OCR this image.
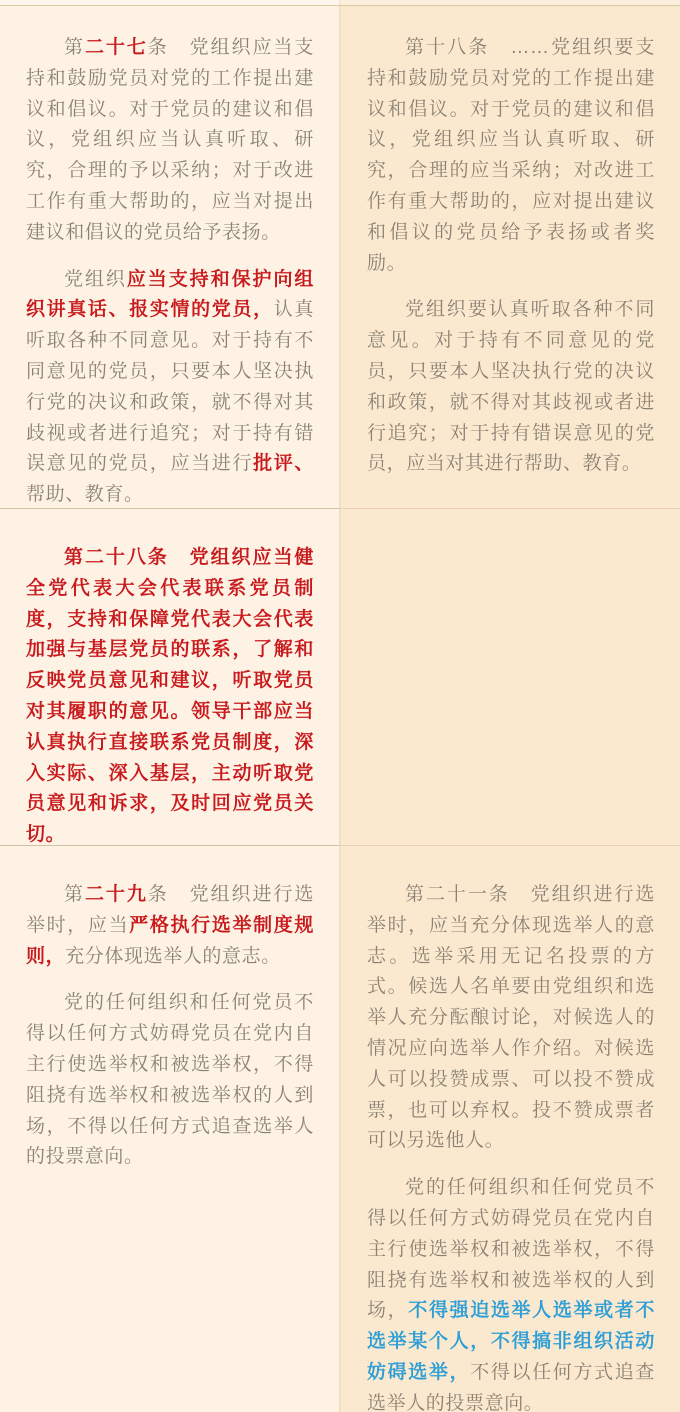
第二十七条　党组织应当支持和鼓励党员对党的工作提出建议和倡议。对于党员的建议和倡议，党组织应当认真听取、研究，合理的予以采纳；对于改进工作有重大帮助的，应当对提出建议和倡议的党员给予表扬。

党组织应当支持和保护向组织讲真话、报实情的党员，认真听取各种不同意见。对于持有不同意见的党员，只要本人坚决执行党的决议和政策，就不得对其歧视或者进行追究；对于持有错误意见的党员，应当进行批评、帮助、教育。

第十八条　……党组织要支持和鼓励党员对党的工作提出建议和倡议。对于党员的建议和倡议，党组织应当认真听取、研究，合理的应当采纳；对改进工作有重大帮助的，应对提出建议和倡议的党员给予表扬或者奖励。

党组织要认真听取各种不同意见。对于持有不同意见的党员，只要本人坚决执行党的决议和政策，就不得对其歧视或者进行追究；对于持有错误意见的党员，应当对其进行帮助、教育。

第二十八条　党组织应当健全党代表大会代表联系党员制度，支持和保障党代表大会代表加强与基层党员的联系，了解和反映党员意见和建议，听取党员对其履职的意见。领导干部应当认真执行直接联系党员制度，深入实际、深入基层，主动听取党员意见和诉求，及时回应党员关切。

第二十九条　党组织进行选举时，应当严格执行选举制度规则，充分体现选举人的意志。

党的任何组织和任何党员不得以任何方式妨碍党员在党内自主行使选举权和被选举权，不得阻挠有选举权和被选举权的人到场，不得以任何方式追查选举人的投票意向。

第二十一条　党组织进行选举时，应当充分体现选举人的意志。选举采用无记名投票的方式。候选人名单要由党组织和选举人充分酝酿讨论，对候选人的情况应向选举人作介绍。对候选人可以投赞成票、可以投不赞成票，也可以弃权。投不赞成票者可以另选他人。

党的任何组织和任何党员不得以任何方式妨碍党员在党内自主行使选举权和被选举权，不得阻挠有选举权和被选举权的人到场，不得强迫选举人选举或者不选举某个人，不得搞非组织活动妨碍选举，不得以任何方式追查选举人的投票意向。
